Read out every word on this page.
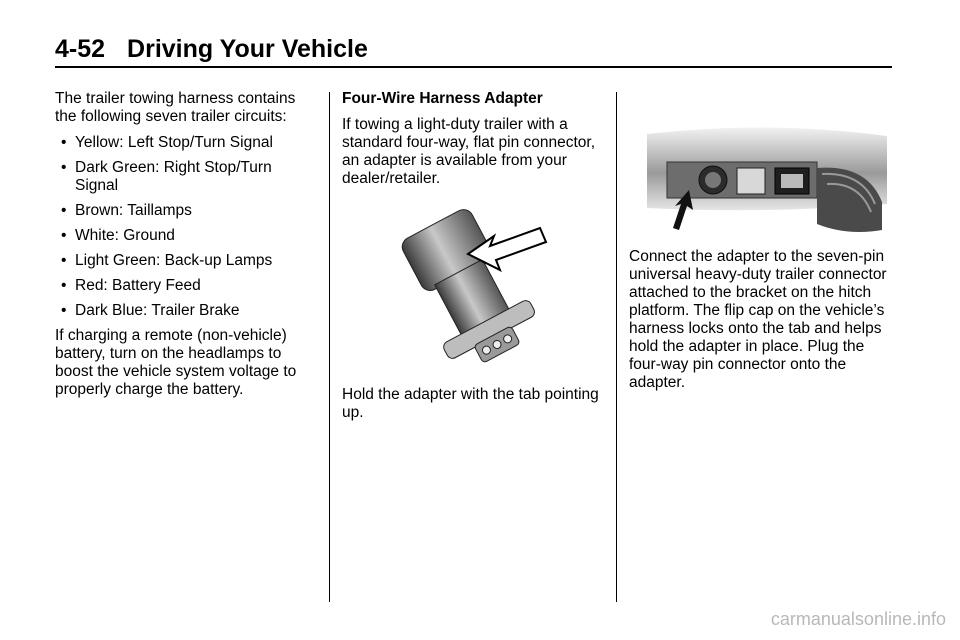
4-52 Driving Your Vehicle

The trailer towing harness contains the following seven trailer circuits:

• Yellow: Left Stop/Turn Signal
• Dark Green: Right Stop/Turn Signal
• Brown: Taillamps
• White: Ground
• Light Green: Back-up Lamps
• Red: Battery Feed
• Dark Blue: Trailer Brake

If charging a remote (non-vehicle) battery, turn on the headlamps to boost the vehicle system voltage to properly charge the battery.

Four-Wire Harness Adapter

If towing a light-duty trailer with a standard four-way, flat pin connector, an adapter is available from your dealer/retailer.

Hold the adapter with the tab pointing up.

Connect the adapter to the seven-pin universal heavy-duty trailer connector attached to the bracket on the hitch platform. The flip cap on the vehicle’s harness locks onto the tab and helps hold the adapter in place. Plug the four-way pin connector onto the adapter.

carmanualsonline.info
